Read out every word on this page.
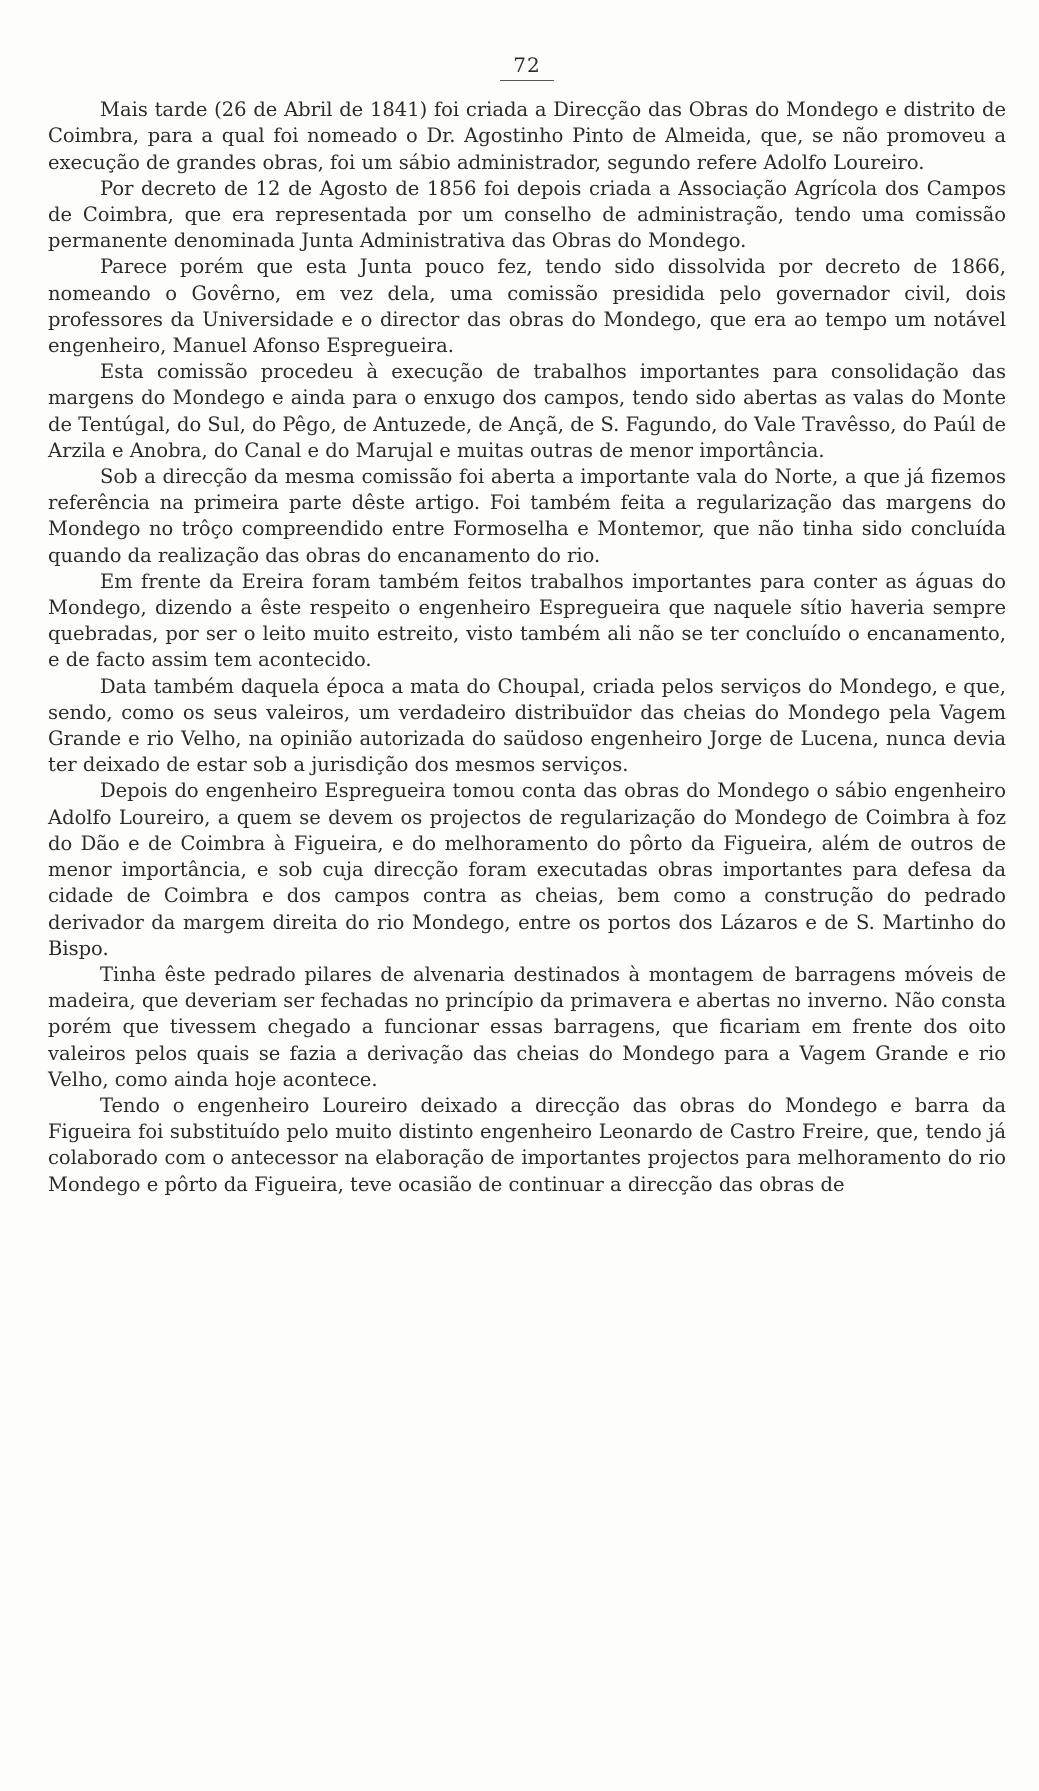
72

Mais tarde (26 de Abril de 1841) foi criada a Direcção das Obras do Mondego e distrito de Coimbra, para a qual foi nomeado o Dr. Agostinho Pinto de Almeida, que, se não promoveu a execução de grandes obras, foi um sábio administrador, segundo refere Adolfo Loureiro.

Por decreto de 12 de Agosto de 1856 foi depois criada a Associação Agrícola dos Campos de Coimbra, que era representada por um conselho de administração, tendo uma comissão permanente denominada Junta Administrativa das Obras do Mondego.

Parece porém que esta Junta pouco fez, tendo sido dissolvida por decreto de 1866, nomeando o Govêrno, em vez dela, uma comissão presidida pelo governador civil, dois professores da Universidade e o director das obras do Mondego, que era ao tempo um notável engenheiro, Manuel Afonso Espregueira.

Esta comissão procedeu à execução de trabalhos importantes para consolidação das margens do Mondego e ainda para o enxugo dos campos, tendo sido abertas as valas do Monte de Tentúgal, do Sul, do Pêgo, de Antuzede, de Ançã, de S. Fagundo, do Vale Travêsso, do Paúl de Arzila e Anobra, do Canal e do Marujal e muitas outras de menor importância.

Sob a direcção da mesma comissão foi aberta a importante vala do Norte, a que já fizemos referência na primeira parte dêste artigo. Foi também feita a regularização das margens do Mondego no trôço compreendido entre Formoselha e Montemor, que não tinha sido concluída quando da realização das obras do encanamento do rio.

Em frente da Ereira foram também feitos trabalhos importantes para conter as águas do Mondego, dizendo a êste respeito o engenheiro Espregueira que naquele sítio haveria sempre quebradas, por ser o leito muito estreito, visto também ali não se ter concluído o encanamento, e de facto assim tem acontecido.

Data também daquela época a mata do Choupal, criada pelos serviços do Mondego, e que, sendo, como os seus valeiros, um verdadeiro distribuïdor das cheias do Mondego pela Vagem Grande e rio Velho, na opinião autorizada do saüdoso engenheiro Jorge de Lucena, nunca devia ter deixado de estar sob a jurisdição dos mesmos serviços.

Depois do engenheiro Espregueira tomou conta das obras do Mondego o sábio engenheiro Adolfo Loureiro, a quem se devem os projectos de regularização do Mondego de Coimbra à foz do Dão e de Coimbra à Figueira, e do melhoramento do pôrto da Figueira, além de outros de menor importância, e sob cuja direcção foram executadas obras importantes para defesa da cidade de Coimbra e dos campos contra as cheias, bem como a construção do pedrado derivador da margem direita do rio Mondego, entre os portos dos Lázaros e de S. Martinho do Bispo.

Tinha êste pedrado pilares de alvenaria destinados à montagem de barragens móveis de madeira, que deveriam ser fechadas no princípio da primavera e abertas no inverno. Não consta porém que tivessem chegado a funcionar essas barragens, que ficariam em frente dos oito valeiros pelos quais se fazia a derivação das cheias do Mondego para a Vagem Grande e rio Velho, como ainda hoje acontece.

Tendo o engenheiro Loureiro deixado a direcção das obras do Mondego e barra da Figueira foi substituído pelo muito distinto engenheiro Leonardo de Castro Freire, que, tendo já colaborado com o antecessor na elaboração de importantes projectos para melhoramento do rio Mondego e pôrto da Figueira, teve ocasião de continuar a direcção das obras de
